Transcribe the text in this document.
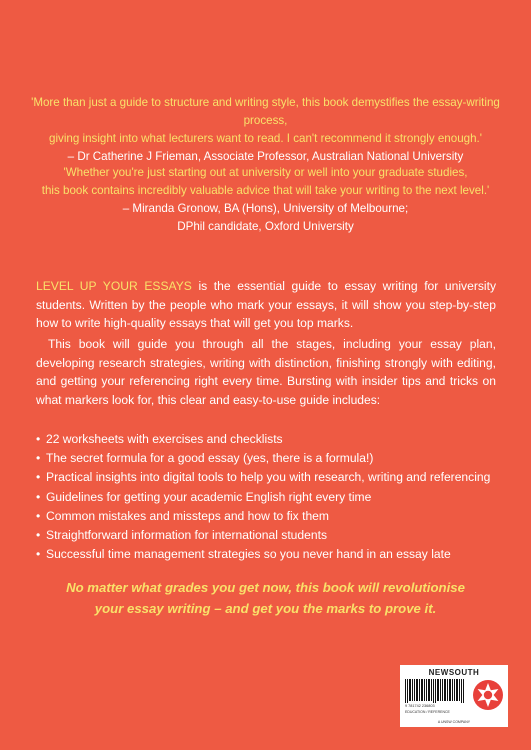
'More than just a guide to structure and writing style, this book demystifies the essay-writing process,
giving insight into what lecturers want to read. I can't recommend it strongly enough.'
– Dr Catherine J Frieman, Associate Professor, Australian National University
'Whether you're just starting out at university or well into your graduate studies,
this book contains incredibly valuable advice that will take your writing to the next level.'
– Miranda Gronow, BA (Hons), University of Melbourne;
DPhil candidate, Oxford University

LEVEL UP YOUR ESSAYS is the essential guide to essay writing for university students. Written by the people who mark your essays, it will show you step-by-step how to write high-quality essays that will get you top marks.

This book will guide you through all the stages, including your essay plan, developing research strategies, writing with distinction, finishing strongly with editing, and getting your referencing right every time. Bursting with insider tips and tricks on what markers look for, this clear and easy-to-use guide includes:

• 22 worksheets with exercises and checklists
• The secret formula for a good essay (yes, there is a formula!)
• Practical insights into digital tools to help you with research, writing and referencing
• Guidelines for getting your academic English right every time
• Common mistakes and missteps and how to fix them
• Straightforward information for international students
• Successful time management strategies so you never hand in an essay late
No matter what grades you get now, this book will revolutionise
your essay writing – and get you the marks to prove it.
NEWSOUTH
9 781742 236803
EDUCATION / REFERENCE
A UNSW COMPANY
